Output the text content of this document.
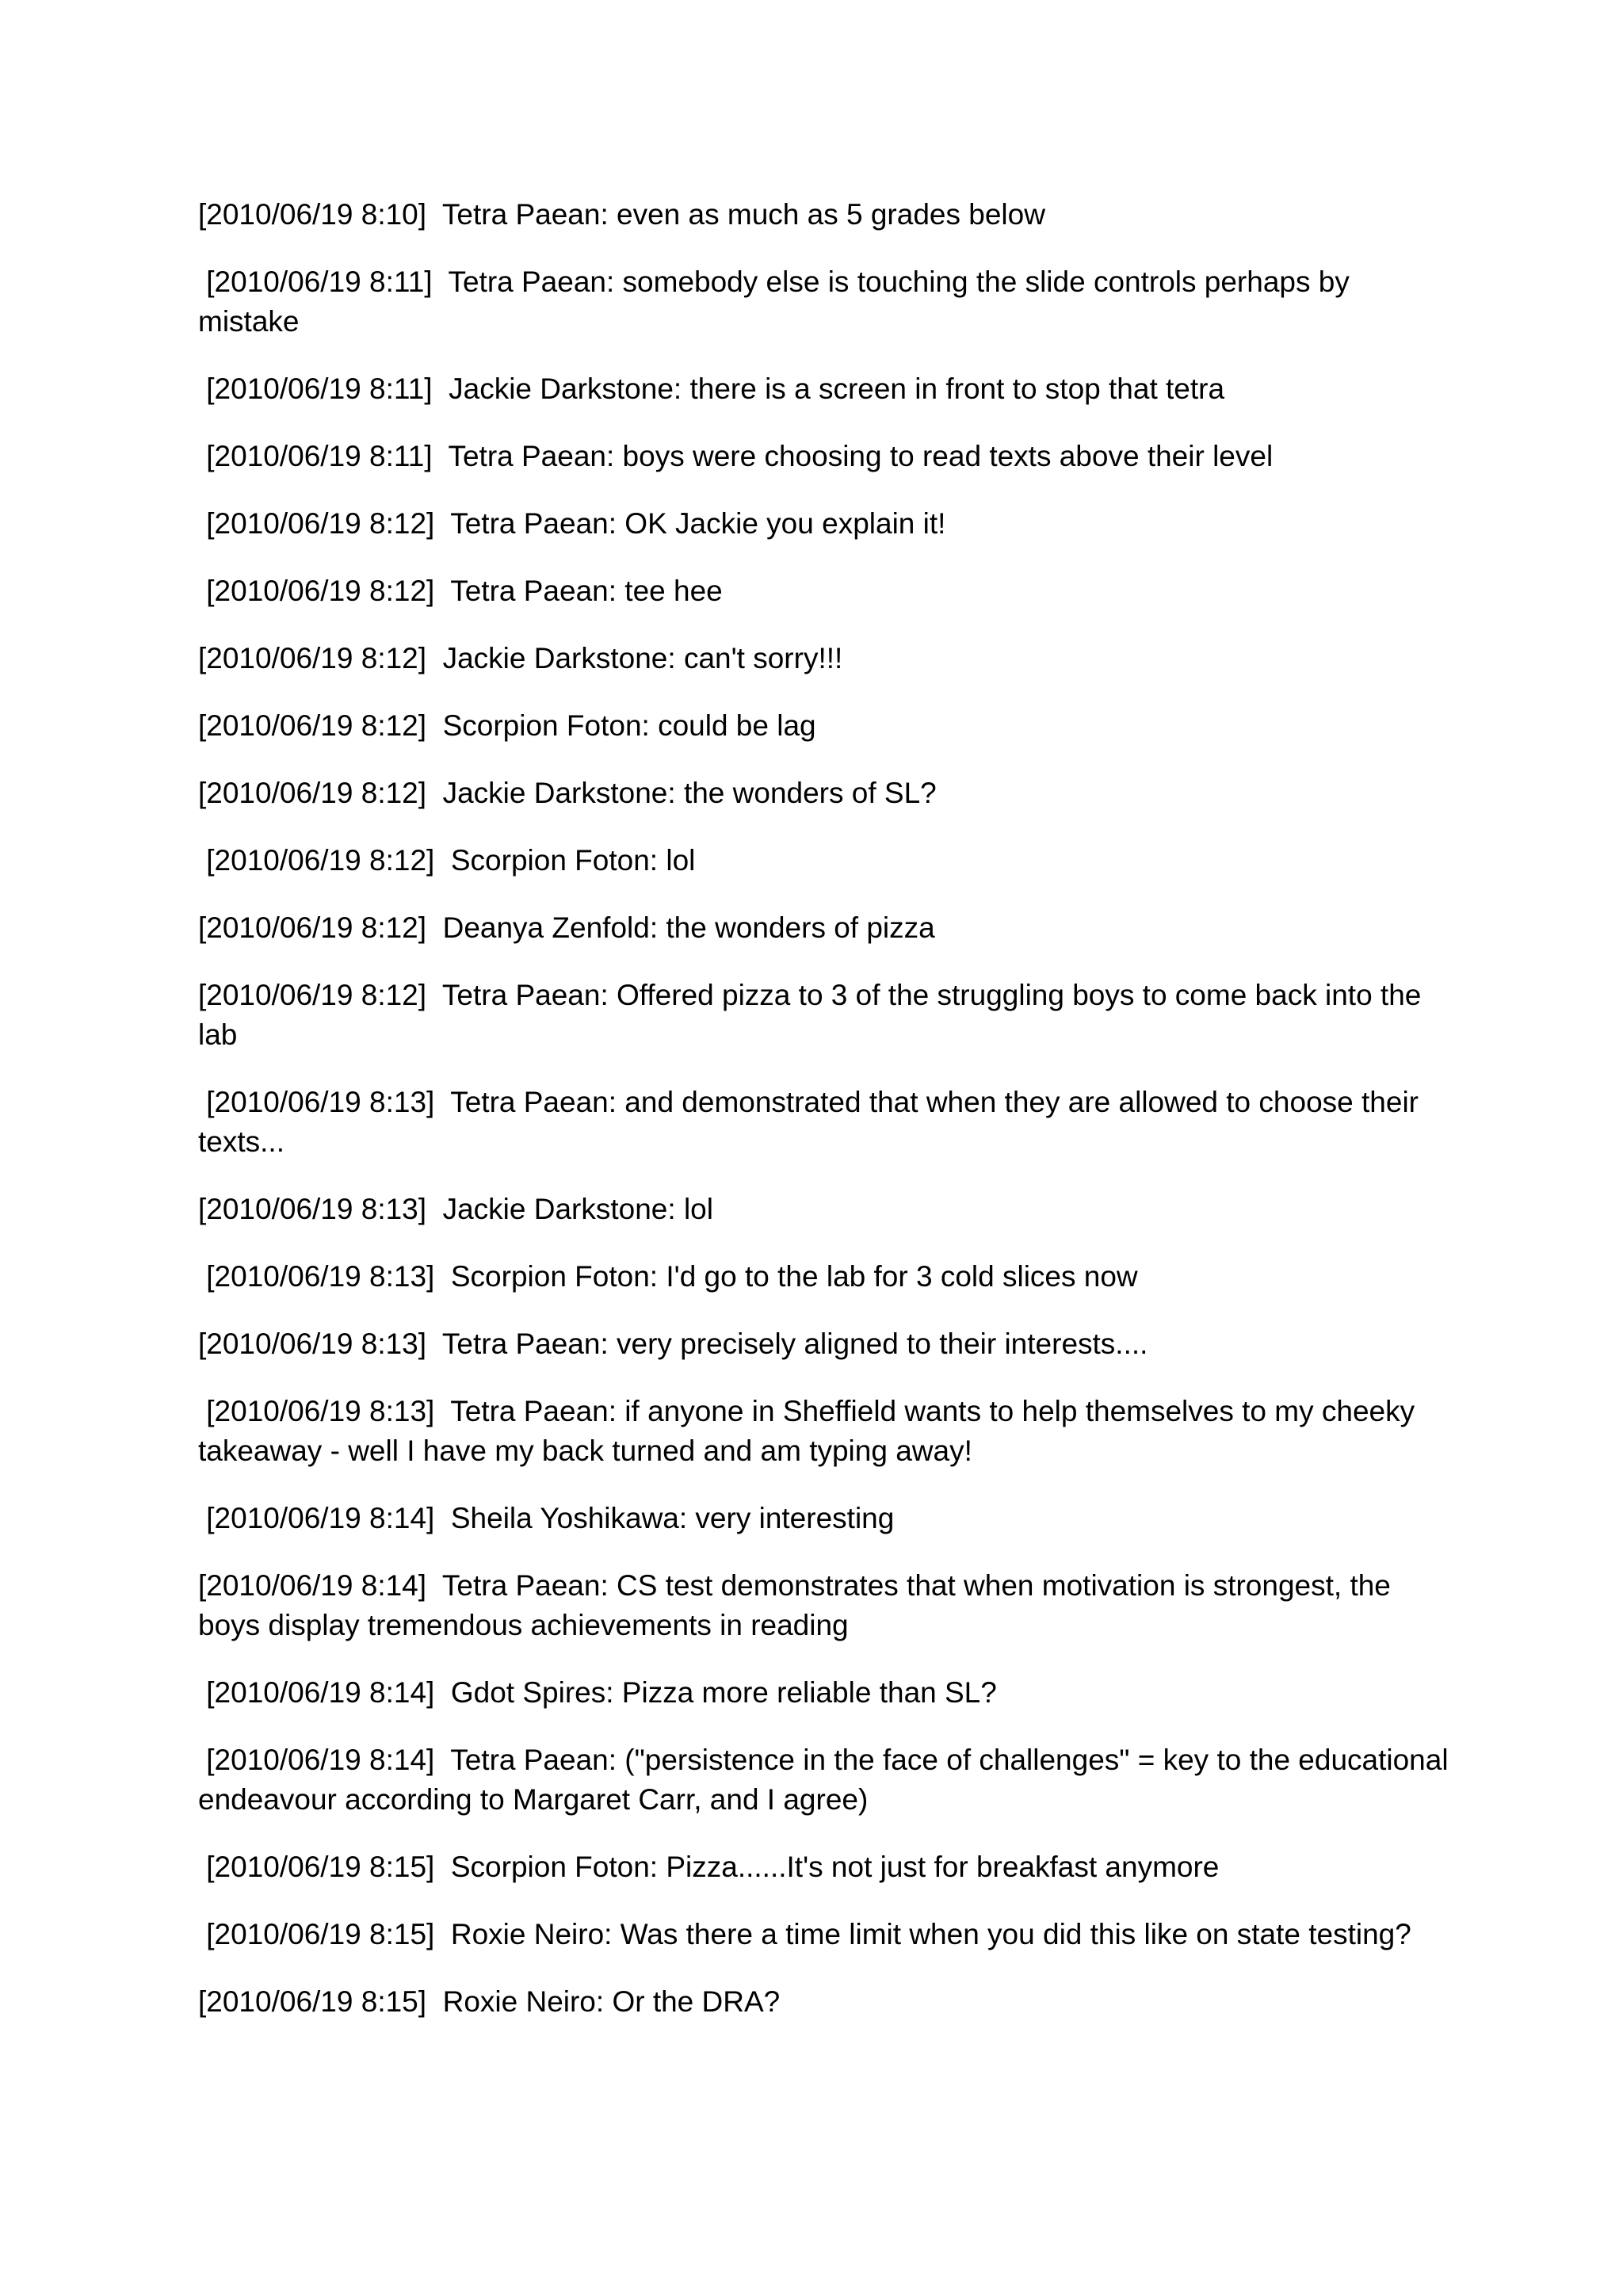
[2010/06/19 8:10]  Tetra Paean: even as much as 5 grades below

[2010/06/19 8:11]  Tetra Paean: somebody else is touching the slide controls perhaps by mistake

[2010/06/19 8:11]  Jackie Darkstone: there is a screen in front to stop that tetra

[2010/06/19 8:11]  Tetra Paean: boys were choosing to read texts above their level

[2010/06/19 8:12]  Tetra Paean: OK Jackie you explain it!

[2010/06/19 8:12]  Tetra Paean: tee hee

[2010/06/19 8:12]  Jackie Darkstone: can't sorry!!!

[2010/06/19 8:12]  Scorpion Foton: could be lag

[2010/06/19 8:12]  Jackie Darkstone: the wonders of SL?

[2010/06/19 8:12]  Scorpion Foton: lol

[2010/06/19 8:12]  Deanya Zenfold: the wonders of pizza

[2010/06/19 8:12]  Tetra Paean: Offered pizza to 3 of the struggling boys to come back into the lab

[2010/06/19 8:13]  Tetra Paean: and demonstrated that when they are allowed to choose their texts...

[2010/06/19 8:13]  Jackie Darkstone: lol

[2010/06/19 8:13]  Scorpion Foton: I'd go to the lab for 3 cold slices now

[2010/06/19 8:13]  Tetra Paean: very precisely aligned to their interests....

[2010/06/19 8:13]  Tetra Paean: if anyone in Sheffield wants to help themselves to my cheeky takeaway - well I have my back turned and am typing away!

[2010/06/19 8:14]  Sheila Yoshikawa: very interesting

[2010/06/19 8:14]  Tetra Paean: CS test demonstrates that when motivation is strongest, the boys display tremendous achievements in reading

[2010/06/19 8:14]  Gdot Spires: Pizza more reliable than SL?

[2010/06/19 8:14]  Tetra Paean: ("persistence in the face of challenges" = key to the educational endeavour according to Margaret Carr, and I agree)

[2010/06/19 8:15]  Scorpion Foton: Pizza......It's not just for breakfast anymore

[2010/06/19 8:15]  Roxie Neiro: Was there a time limit when you did this like on state testing?

[2010/06/19 8:15]  Roxie Neiro: Or the DRA?
